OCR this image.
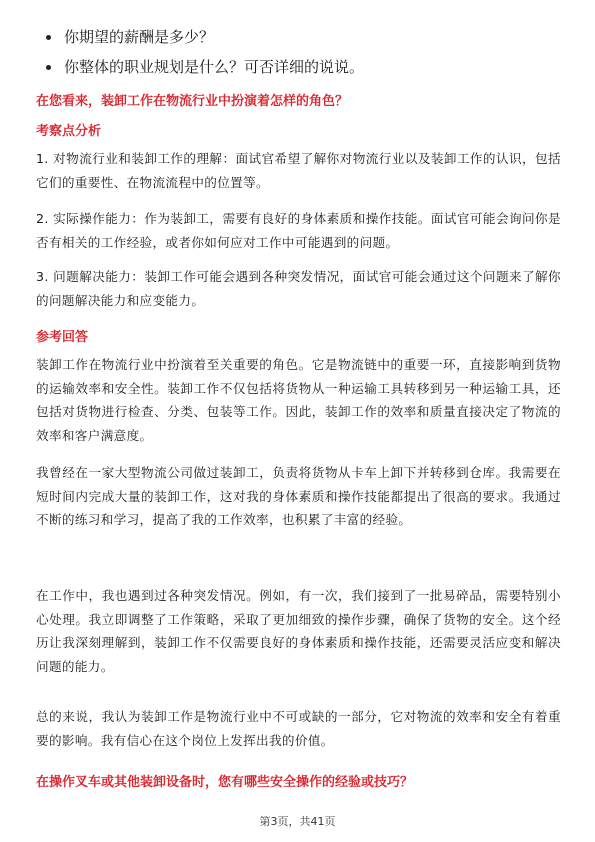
你期望的薪酬是多少？
你整体的职业规划是什么？可否详细的说说。
在您看来，装卸工作在物流行业中扮演着怎样的角色？
考察点分析
1. 对物流行业和装卸工作的理解：面试官希望了解你对物流行业以及装卸工作的认识，包括它们的重要性、在物流流程中的位置等。
2. 实际操作能力：作为装卸工，需要有良好的身体素质和操作技能。面试官可能会询问你是否有相关的工作经验，或者你如何应对工作中可能遇到的问题。
3. 问题解决能力：装卸工作可能会遇到各种突发情况，面试官可能会通过这个问题来了解你的问题解决能力和应变能力。
参考回答
装卸工作在物流行业中扮演着至关重要的角色。它是物流链中的重要一环，直接影响到货物的运输效率和安全性。装卸工作不仅包括将货物从一种运输工具转移到另一种运输工具，还包括对货物进行检查、分类、包装等工作。因此，装卸工作的效率和质量直接决定了物流的效率和客户满意度。
我曾经在一家大型物流公司做过装卸工，负责将货物从卡车上卸下并转移到仓库。我需要在短时间内完成大量的装卸工作，这对我的身体素质和操作技能都提出了很高的要求。我通过不断的练习和学习，提高了我的工作效率，也积累了丰富的经验。
在工作中，我也遇到过各种突发情况。例如，有一次，我们接到了一批易碎品，需要特别小心处理。我立即调整了工作策略，采取了更加细致的操作步骤，确保了货物的安全。这个经历让我深刻理解到，装卸工作不仅需要良好的身体素质和操作技能，还需要灵活应变和解决问题的能力。
总的来说，我认为装卸工作是物流行业中不可或缺的一部分，它对物流的效率和安全有着重要的影响。我有信心在这个岗位上发挥出我的价值。
在操作叉车或其他装卸设备时，您有哪些安全操作的经验或技巧？
第3页，共41页
